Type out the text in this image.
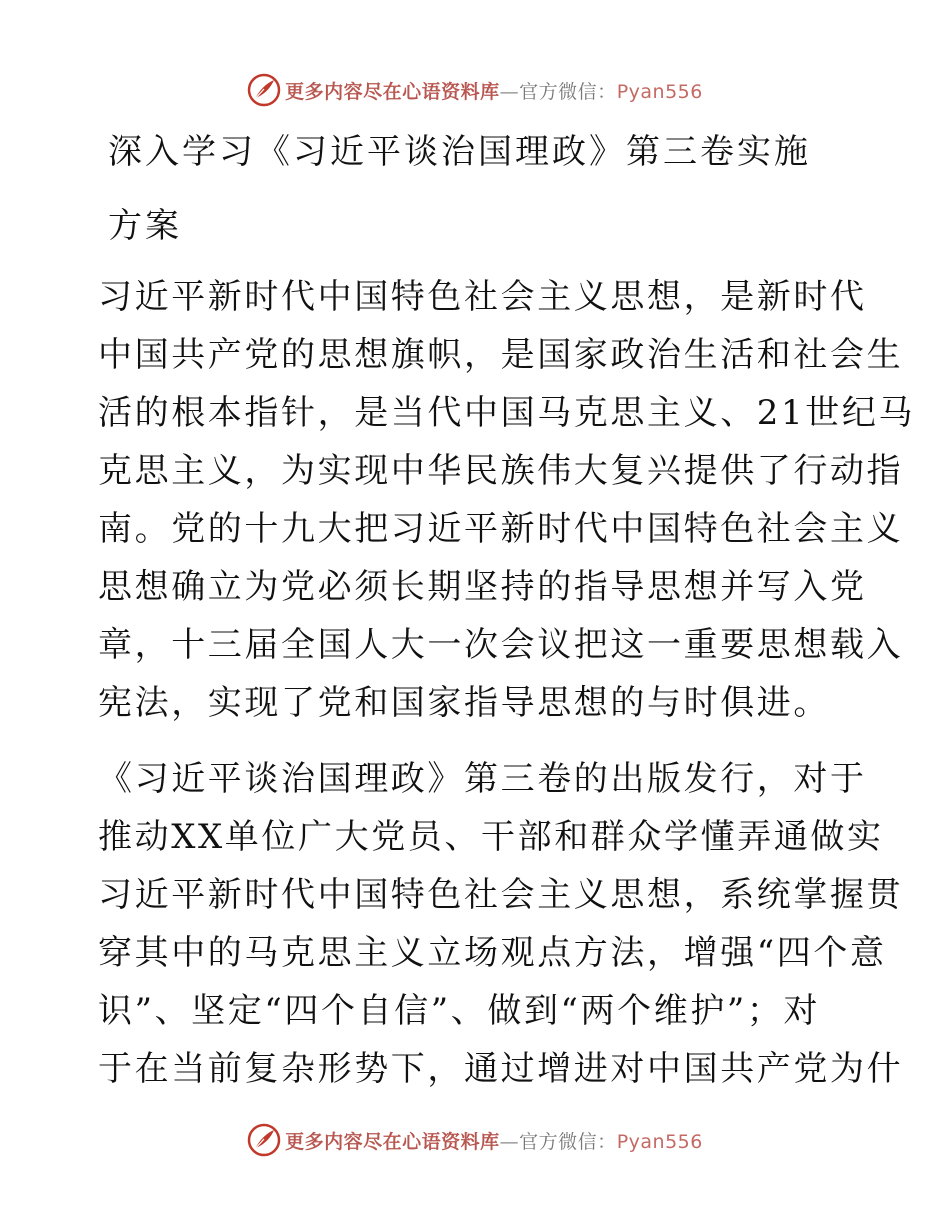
更多内容尽在心语资料库—官方微信：Pyan556
深入学习《习近平谈治国理政》第三卷实施
方案
习近平新时代中国特色社会主义思想，是新时代
中国共产党的思想旗帜，是国家政治生活和社会生
活的根本指针，是当代中国马克思主义、21世纪马
克思主义，为实现中华民族伟大复兴提供了行动指
南。党的十九大把习近平新时代中国特色社会主义
思想确立为党必须长期坚持的指导思想并写入党
章，十三届全国人大一次会议把这一重要思想载入
宪法，实现了党和国家指导思想的与时俱进。
《习近平谈治国理政》第三卷的出版发行，对于
推动XX单位广大党员、干部和群众学懂弄通做实
习近平新时代中国特色社会主义思想，系统掌握贯
穿其中的马克思主义立场观点方法，增强“四个意
识”、坚定“四个自信”、做到“两个维护”；对
于在当前复杂形势下，通过增进对中国共产党为什
更多内容尽在心语资料库—官方微信：Pyan556
